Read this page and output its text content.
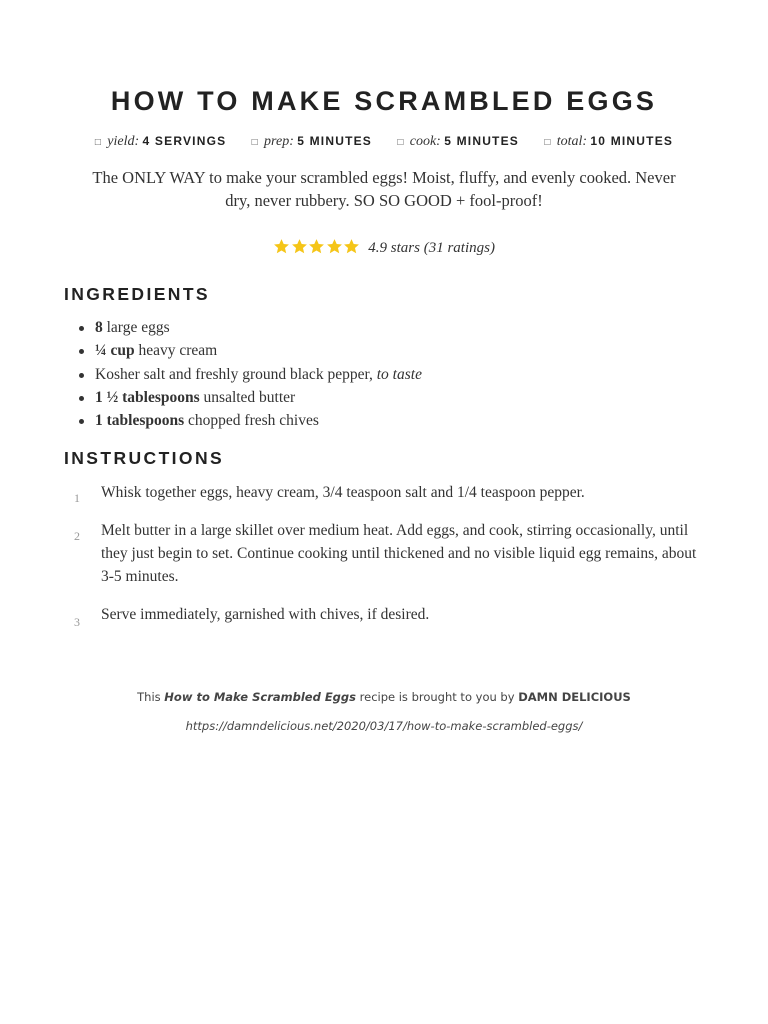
HOW TO MAKE SCRAMBLED EGGS
□ yield: 4 SERVINGS	□ prep: 5 MINUTES	□ cook: 5 MINUTES	□ total: 10 MINUTES

The ONLY WAY to make your scrambled eggs! Moist, fluffy, and evenly cooked. Never dry, never rubbery. SO SO GOOD + fool-proof!

4.9 stars (31 ratings)
INGREDIENTS
8 large eggs
¼ cup heavy cream
Kosher salt and freshly ground black pepper, to taste
1 ½ tablespoons unsalted butter
1 tablespoons chopped fresh chives
INSTRUCTIONS
1 Whisk together eggs, heavy cream, 3/4 teaspoon salt and 1/4 teaspoon pepper.

2 Melt butter in a large skillet over medium heat. Add eggs, and cook, stirring occasionally, until they just begin to set. Continue cooking until thickened and no visible liquid egg remains, about 3-5 minutes.

3 Serve immediately, garnished with chives, if desired.

This How to Make Scrambled Eggs recipe is brought to you by DAMN DELICIOUS

https://damndelicious.net/2020/03/17/how-to-make-scrambled-eggs/
